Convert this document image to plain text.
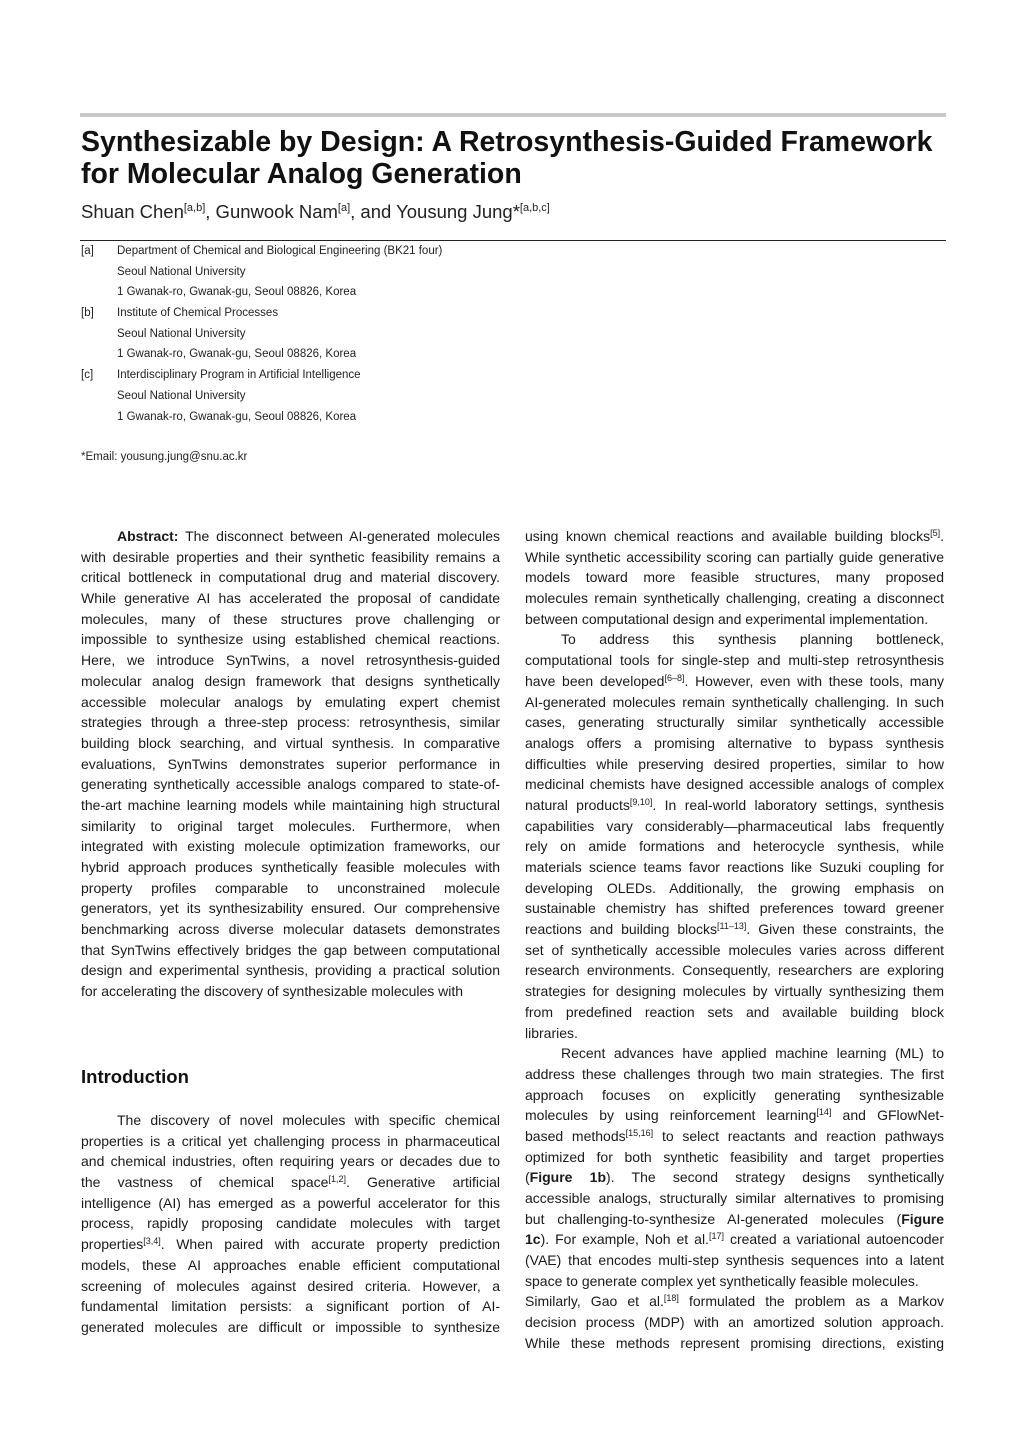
Synthesizable by Design: A Retrosynthesis-Guided Framework
for Molecular Analog Generation
Shuan Chen[a,b], Gunwook Nam[a], and Yousung Jung*[a,b,c]
[a]	Department of Chemical and Biological Engineering (BK21 four)
Seoul National University
1 Gwanak-ro, Gwanak-gu, Seoul 08826, Korea
[b]	Institute of Chemical Processes
Seoul National University
1 Gwanak-ro, Gwanak-gu, Seoul 08826, Korea
[c]	Interdisciplinary Program in Artificial Intelligence
Seoul National University
1 Gwanak-ro, Gwanak-gu, Seoul 08826, Korea
*Email: yousung.jung@snu.ac.kr
Abstract: The disconnect between AI-generated molecules
with desirable properties and their synthetic feasibility remains a
critical bottleneck in computational drug and material discovery.
While generative AI has accelerated the proposal of candidate
molecules, many of these structures prove challenging or
impossible to synthesize using established chemical reactions.
Here, we introduce SynTwins, a novel retrosynthesis-guided
molecular analog design framework that designs synthetically
accessible molecular analogs by emulating expert chemist
strategies through a three-step process: retrosynthesis, similar
building block searching, and virtual synthesis. In comparative
evaluations, SynTwins demonstrates superior performance in
generating synthetically accessible analogs compared to state-of-
the-art machine learning models while maintaining high structural
similarity to original target molecules. Furthermore, when
integrated with existing molecule optimization frameworks, our
hybrid approach produces synthetically feasible molecules with
property profiles comparable to unconstrained molecule
generators, yet its synthesizability ensured. Our comprehensive
benchmarking across diverse molecular datasets demonstrates
that SynTwins effectively bridges the gap between computational
design and experimental synthesis, providing a practical solution
for accelerating the discovery of synthesizable molecules with
Introduction
The discovery of novel molecules with specific chemical
properties is a critical yet challenging process in pharmaceutical
and chemical industries, often requiring years or decades due to
the vastness of chemical space[1,2]. Generative artificial
intelligence (AI) has emerged as a powerful accelerator for this
process, rapidly proposing candidate molecules with target
properties[3,4]. When paired with accurate property prediction
models, these AI approaches enable efficient computational
screening of molecules against desired criteria. However, a
fundamental limitation persists: a significant portion of AI-
generated molecules are difficult or impossible to synthesize
using known chemical reactions and available building blocks[5].
While synthetic accessibility scoring can partially guide generative
models toward more feasible structures, many proposed
molecules remain synthetically challenging, creating a disconnect
between computational design and experimental implementation.
To address this synthesis planning bottleneck,
computational tools for single-step and multi-step retrosynthesis
have been developed[6–8]. However, even with these tools, many
AI-generated molecules remain synthetically challenging. In such
cases, generating structurally similar synthetically accessible
analogs offers a promising alternative to bypass synthesis
difficulties while preserving desired properties, similar to how
medicinal chemists have designed accessible analogs of complex
natural products[9,10]. In real-world laboratory settings, synthesis
capabilities vary considerably—pharmaceutical labs frequently
rely on amide formations and heterocycle synthesis, while
materials science teams favor reactions like Suzuki coupling for
developing OLEDs. Additionally, the growing emphasis on
sustainable chemistry has shifted preferences toward greener
reactions and building blocks[11–13]. Given these constraints, the
set of synthetically accessible molecules varies across different
research environments. Consequently, researchers are exploring
strategies for designing molecules by virtually synthesizing them
from predefined reaction sets and available building block
libraries.
Recent advances have applied machine learning (ML) to
address these challenges through two main strategies. The first
approach focuses on explicitly generating synthesizable
molecules by using reinforcement learning[14] and GFlowNet-
based methods[15,16] to select reactants and reaction pathways
optimized for both synthetic feasibility and target properties
(Figure 1b). The second strategy designs synthetically
accessible analogs, structurally similar alternatives to promising
but challenging-to-synthesize AI-generated molecules (Figure
1c). For example, Noh et al.[17] created a variational autoencoder
(VAE) that encodes multi-step synthesis sequences into a latent
space to generate complex yet synthetically feasible molecules.
Similarly, Gao et al.[18] formulated the problem as a Markov
decision process (MDP) with an amortized solution approach.
While these methods represent promising directions, existing
